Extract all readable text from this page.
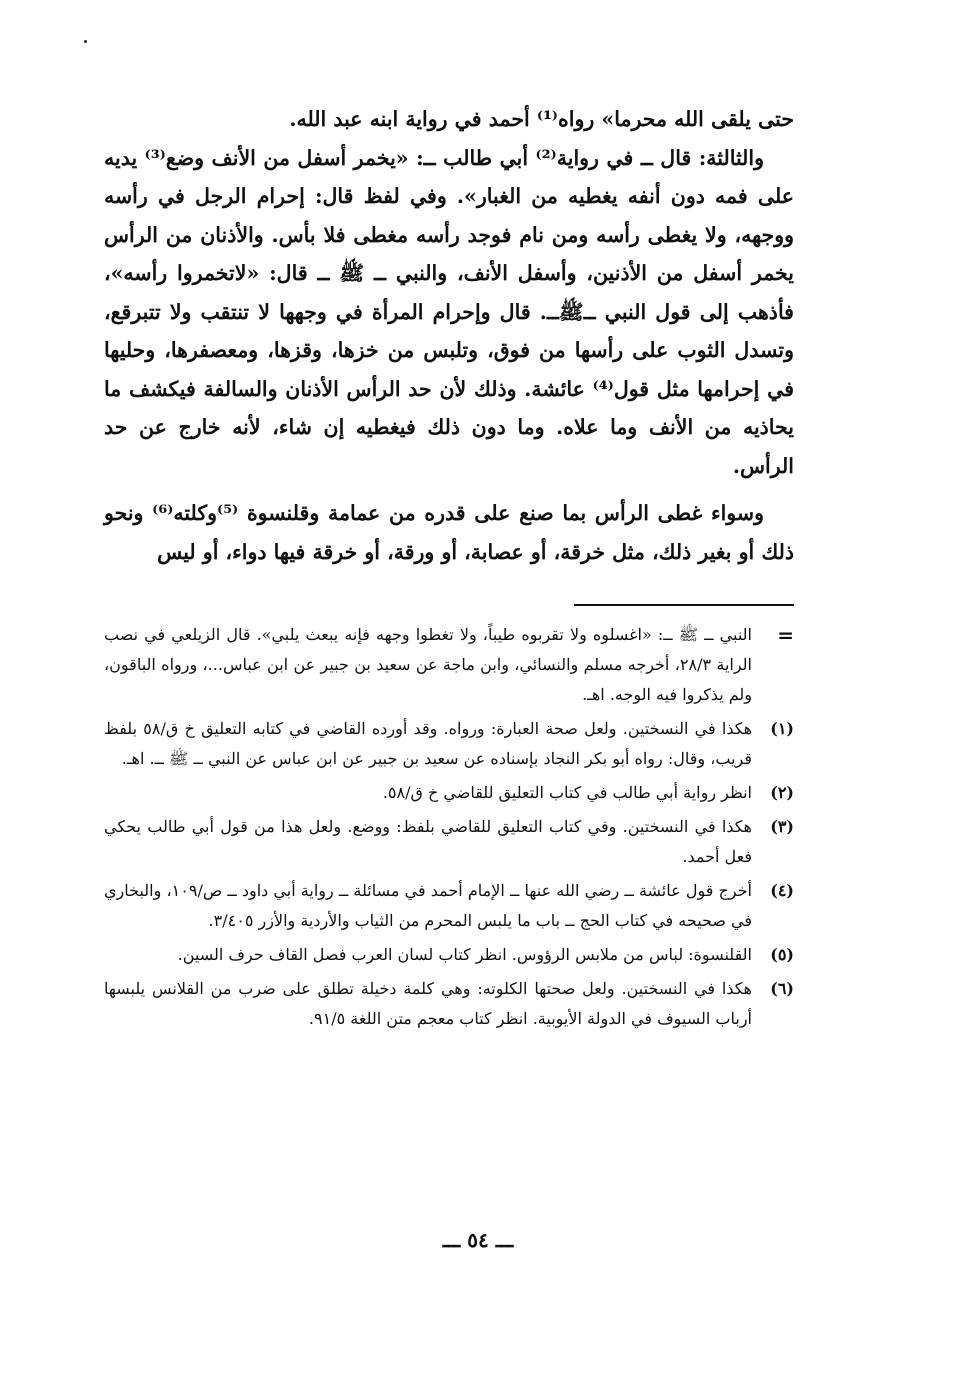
حتى يلقى الله محرما» رواه⁽¹⁾ أحمد في رواية ابنه عبد الله.

والثالثة: قال ــ في رواية⁽²⁾ أبي طالب ــ: «يخمر أسفل من الأنف وضع⁽³⁾ يديه على فمه دون أنفه يغطيه من الغبار». وفي لفظ قال: إحرام الرجل في رأسه ووجهه، ولا يغطى رأسه ومن نام فوجد رأسه مغطى فلا بأس. والأذنان من الرأس يخمر أسفل من الأذنين، وأسفل الأنف، والنبي ــ ﷺ ــ قال: «لاتخمروا رأسه»، فأذهب إلى قول النبي ــﷺــ. قال وإحرام المرأة في وجهها لا تنتقب ولا تتبرقع، وتسدل الثوب على رأسها من فوق، وتلبس من خزها، وقزها، ومعصفرها، وحليها في إحرامها مثل قول⁽⁴⁾ عائشة. وذلك لأن حد الرأس الأذنان والسالفة فيكشف ما يحاذيه من الأنف وما علاه. وما دون ذلك فيغطيه إن شاء، لأنه خارج عن حد الرأس.

وسواء غطى الرأس بما صنع على قدره من عمامة وقلنسوة ⁽⁵⁾وكلته⁽⁶⁾ ونحو ذلك أو بغير ذلك، مثل خرقة، أو عصابة، أو ورقة، أو خرقة فيها دواء، أو ليس

=
النبي ــ ﷺ ــ: «اغسلوه ولا تقربوه طيباً، ولا تغطوا وجهه فإنه يبعث يلبي». قال الزيلعي في نصب الراية ٢٨/٣، أخرجه مسلم والنسائي، وابن ماجة عن سعيد بن جبير عن ابن عباس...، ورواه الباقون، ولم يذكروا فيه الوجه. اهـ.
(١)
هكذا في النسختين. ولعل صحة العبارة: ورواه. وقد أورده القاضي في كتابه التعليق خ ق/٥٨ بلفظ قريب، وقال: رواه أبو بكر النجاد بإسناده عن سعيد بن جبير عن ابن عباس عن النبي ــ ﷺ ــ. اهـ.
(٢)
انظر رواية أبي طالب في كتاب التعليق للقاضي خ ق/٥٨.
(٣)
هكذا في النسختين. وفي كتاب التعليق للقاضي بلفظ: ووضع. ولعل هذا من قول أبي طالب يحكي فعل أحمد.
(٤)
أخرج قول عائشة ــ رضي الله عنها ــ الإمام أحمد في مسائلة ــ رواية أبي داود ــ ص/١٠٩، والبخاري في صحيحه في كتاب الحج ــ باب ما يلبس المحرم من الثياب والأردية والأزر ٣/٤٠٥.
(٥)
القلنسوة: لباس من ملابس الرؤوس. انظر كتاب لسان العرب فصل القاف حرف السين.
(٦)
هكذا في النسختين. ولعل صحتها الكلوته: وهي كلمة دخيلة تطلق على ضرب من القلانس يلبسها أرباب السيوف في الدولة الأيوبية. انظر كتاب معجم متن اللغة ٩١/٥.
ـــ ٥٤ ـــ
